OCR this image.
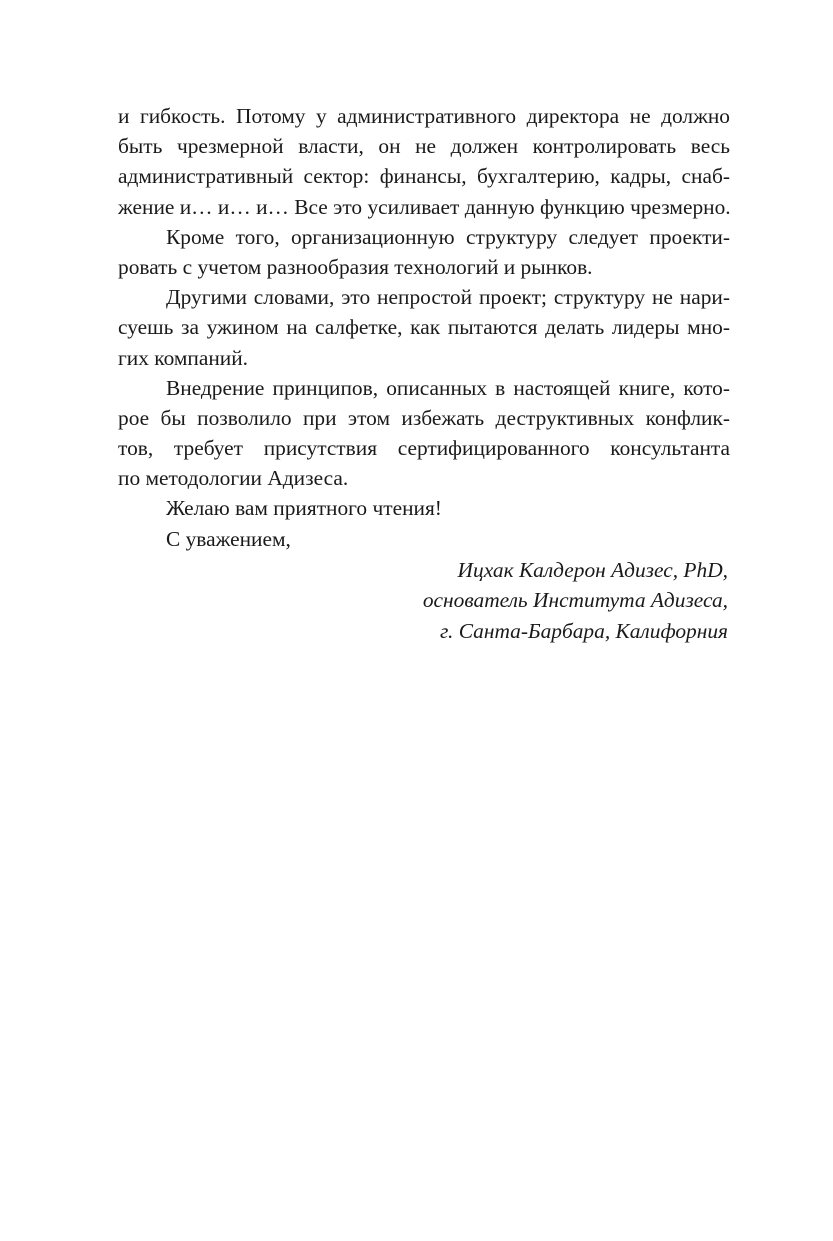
и гибкость. Потому у административного директора не должно
быть чрезмерной власти, он не должен контролировать весь
административный сектор: финансы, бухгалтерию, кадры, снаб-
жение и… и… и… Все это усиливает данную функцию чрезмерно.
Кроме того, организационную структуру следует проекти-
ровать с учетом разнообразия технологий и рынков.
Другими словами, это непростой проект; структуру не нари-
суешь за ужином на салфетке, как пытаются делать лидеры мно-
гих компаний.
Внедрение принципов, описанных в настоящей книге, кото-
рое бы позволило при этом избежать деструктивных конфлик-
тов, требует присутствия сертифицированного консультанта
по методологии Адизеса.
Желаю вам приятного чтения!
С уважением,
Ицхак Калдерон Адизес, PhD,
основатель Института Адизеса,
г. Санта-Барбара, Калифорния
